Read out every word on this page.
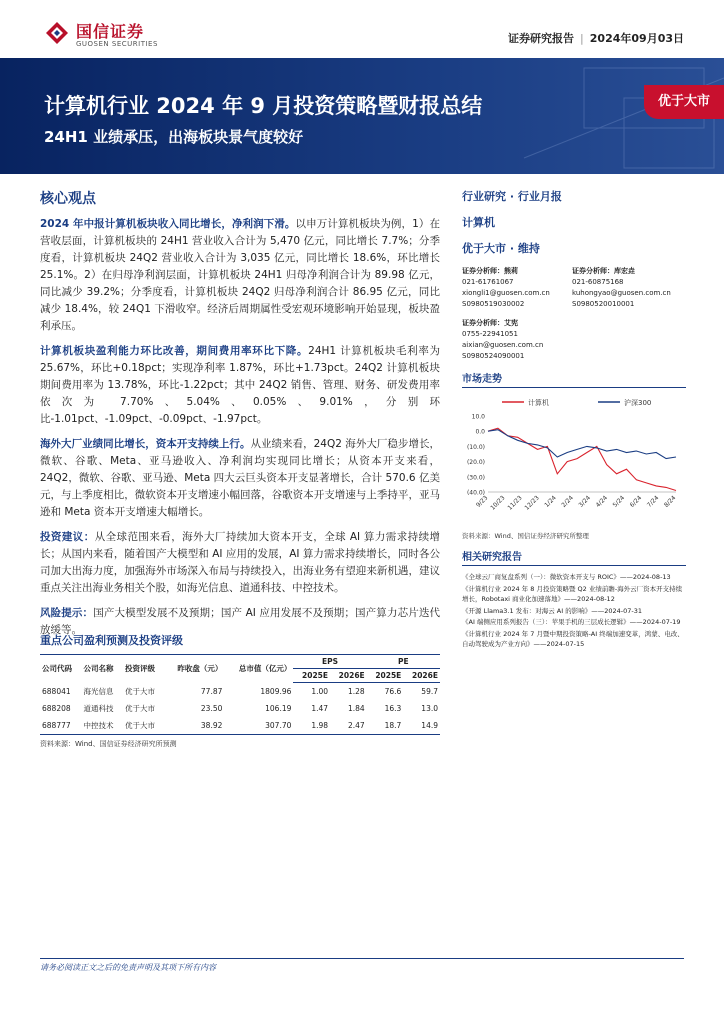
国信证券
GUOSEN SECURITIES	证券研究报告 | 2024年09月03日
计算机行业 2024 年 9 月投资策略暨财报总结
24H1 业绩承压，出海板块景气度较好
优于大市
核心观点

2024 年中报计算机板块收入同比增长，净利润下滑。以申万计算机板块为例，1）在营收层面，计算机板块的 24H1 营业收入合计为 5,470 亿元，同比增长 7.7%；分季度看，计算机板块 24Q2 营业收入合计为 3,035 亿元，同比增长 18.6%，环比增长 25.1%。2）在归母净利润层面，计算机板块 24H1 归母净利润合计为 89.98 亿元，同比减少 39.2%；分季度看，计算机板块 24Q2 归母净利润合计 86.95 亿元，同比减少 18.4%，较 24Q1 下滑收窄。经济后周期属性受宏观环境影响开始显现，板块盈利承压。

计算机板块盈利能力环比改善，期间费用率环比下降。24H1 计算机板块毛利率为 25.67%，环比+0.18pct；实现净利率 1.87%，环比+1.73pct。24Q2 计算机板块期间费用率为 13.78%，环比-1.22pct；其中 24Q2 销售、管理、财务、研发费用率依次为 7.70%、5.04%、0.05%、9.01%，分别环比-1.01pct、-1.09pct、-0.09pct、-1.97pct。

海外大厂业绩同比增长，资本开支持续上行。从业绩来看，24Q2 海外大厂稳步增长，微软、谷歌、Meta、亚马逊收入、净利润均实现同比增长；从资本开支来看，24Q2，微软、谷歌、亚马逊、Meta 四大云巨头资本开支显著增长，合计 570.6 亿美元，与上季度相比，微软资本开支增速小幅回落，谷歌资本开支增速与上季持平，亚马逊和 Meta 资本开支增速大幅增长。

投资建议：从全球范围来看，海外大厂持续加大资本开支，全球 AI 算力需求持续增长；从国内来看，随着国产大模型和 AI 应用的发展，AI 算力需求持续增长，同时各公司加大出海力度，加强海外市场深入布局与持续投入，出海业务有望迎来新机遇，建议重点关注出海业务相关个股，如海光信息、道通科技、中控技术。

风险提示：国产大模型发展不及预期；国产 AI 应用发展不及预期；国产算力芯片迭代放缓等。

重点公司盈利预测及投资评级
公司代码	公司名称	投资评级	昨收盘（元）	总市值（亿元）	EPS		PE	
					2025E	2026E	2025E	2026E
688041	海光信息	优于大市	77.87	1809.96	1.00	1.28	76.6	59.7
688208	道通科技	优于大市	23.50	106.19	1.47	1.84	16.3	13.0
688777	中控技术	优于大市	38.92	307.70	1.98	2.47	18.7	14.9
资料来源：Wind、国信证券经济研究所预测
行业研究 · 行业月报
计算机
优于大市 · 维持
证券分析师：熊莉
021-61761067
xiongli1@guosen.com.cn
S0980519030002
证券分析师：库宏垚
021-60875168
kuhongyao@guosen.com.cn
S0980520010001
证券分析师：艾宪
0755-22941051
aixian@guosen.com.cn
S0980524090001
市场走势
计算机	沪深300
10.0
0.0
(10.0)
(20.0)
(30.0)
(40.0)
9/23 10/23 11/23 12/23 1/24 2/24 3/24 4/24 5/24 6/24 7/24 8/24
资料来源：Wind、国信证券经济研究所整理
相关研究报告
《全球云厂商复盘系列（一）：微软资本开支与 ROIC》——2024-08-13
《计算机行业 2024 年 8 月投资策略暨 Q2 业绩前瞻-海外云厂资本开支持续增长，Robotaxi 商业化加速落地》——2024-08-12
《开源 Llama3.1 发布：对海云 AI 的影响》——2024-07-31
《AI 端侧应用系列报告（三）：苹果手机的三层成长逻辑》——2024-07-19
《计算机行业 2024 年 7 月暨中期投资策略-AI 终端加速变革，鸿蒙、电改、自动驾驶成为产业方向》——2024-07-15
请务必阅读正文之后的免责声明及其项下所有内容
